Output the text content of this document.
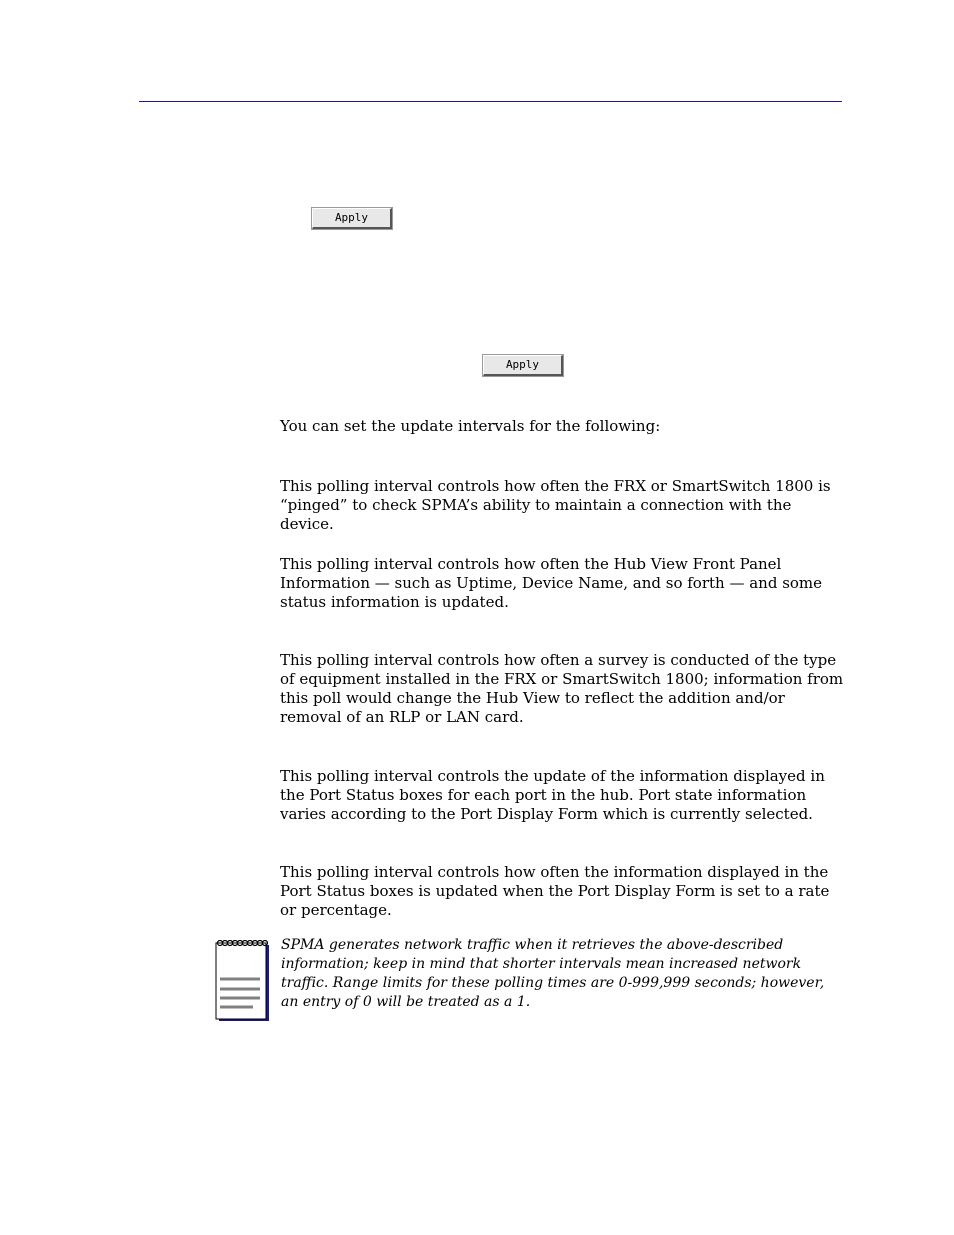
Apply
Apply

You can set the update intervals for the following:

This polling interval controls how often the FRX or SmartSwitch 1800 is “pinged” to check SPMA’s ability to maintain a connection with the device.

This polling interval controls how often the Hub View Front Panel Information — such as Uptime, Device Name, and so forth — and some status information is updated.

This polling interval controls how often a survey is conducted of the type of equipment installed in the FRX or SmartSwitch 1800; information from this poll would change the Hub View to reflect the addition and/or removal of an RLP or LAN card.

This polling interval controls the update of the information displayed in the Port Status boxes for each port in the hub. Port state information varies according to the Port Display Form which is currently selected.

This polling interval controls how often the information displayed in the Port Status boxes is updated when the Port Display Form is set to a rate or percentage.

SPMA generates network traffic when it retrieves the above-described information; keep in mind that shorter intervals mean increased network traffic. Range limits for these polling times are 0-999,999 seconds; however, an entry of 0 will be treated as a 1.
